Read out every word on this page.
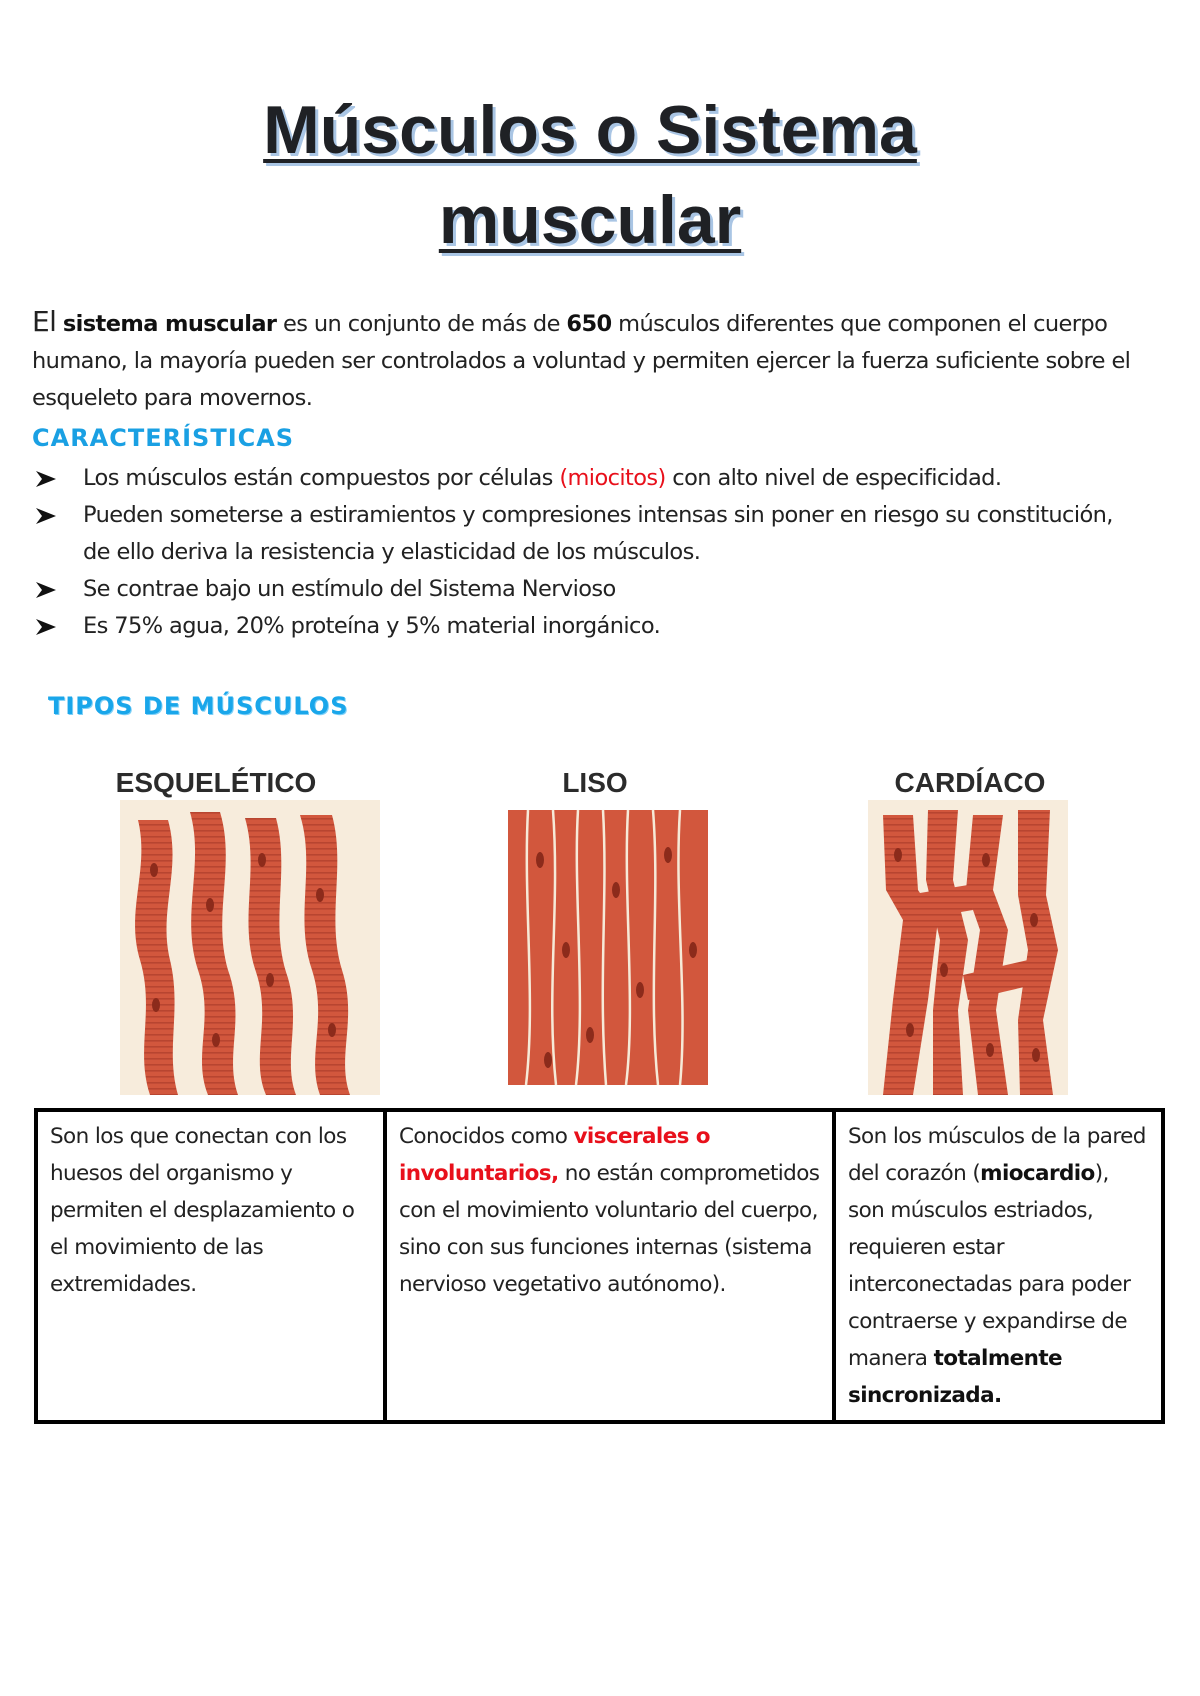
Músculos o Sistema
muscular

El sistema muscular es un conjunto de más de 650 músculos diferentes que componen el cuerpo humano, la mayoría pueden ser controlados a voluntad y permiten ejercer la fuerza suficiente sobre el esqueleto para movernos.

CARACTERÍSTICAS
Los músculos están compuestos por células (miocitos) con alto nivel de especificidad.
Pueden someterse a estiramientos y compresiones intensas sin poner en riesgo su constitución, de ello deriva la resistencia y elasticidad de los músculos.
Se contrae bajo un estímulo del Sistema Nervioso
Es 75% agua, 20% proteína y 5% material inorgánico.
TIPOS DE MÚSCULOS
ESQUELÉTICO	LISO	CARDÍACO
Son los que conectan con los huesos del organismo y permiten el desplazamiento o el movimiento de las extremidades.	Conocidos como viscerales o involuntarios, no están comprometidos con el movimiento voluntario del cuerpo, sino con sus funciones internas (sistema nervioso vegetativo autónomo).	Son los músculos de la pared del corazón (miocardio), son músculos estriados, requieren estar interconectadas para poder contraerse y expandirse de manera totalmente sincronizada.
